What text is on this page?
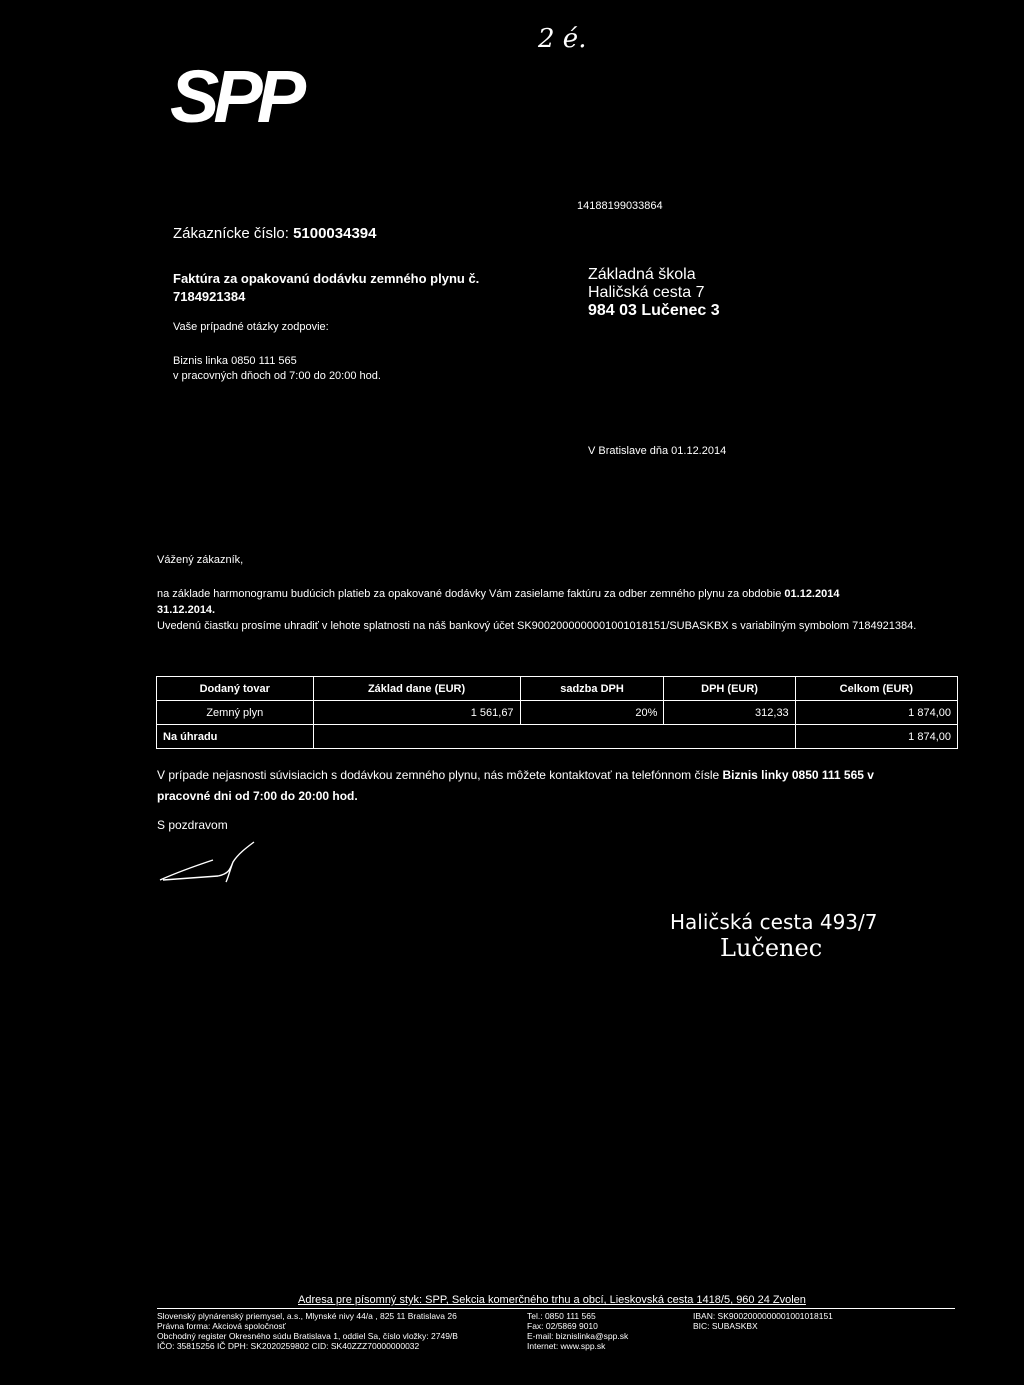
SPP
2 é.
14188199033864
Zákaznícke číslo: 5100034394
Faktúra za opakovanú dodávku zemného plynu č.
7184921384
Vaše prípadné otázky zodpovie:
Biznis linka 0850 111 565
v pracovných dňoch od 7:00 do 20:00 hod.
Základná škola
Haličská cesta 7
984 03 Lučenec 3
V Bratislave dňa 01.12.2014
Vážený zákazník,
na základe harmonogramu budúcich platieb za opakované dodávky Vám zasielame faktúru za odber zemného plynu za obdobie 01.12.2014
31.12.2014.
Uvedenú čiastku prosíme uhradiť v lehote splatnosti na náš bankový účet SK9002000000001001018151/SUBASKBX s variabilným symbolom 7184921384.
Dodaný tovar	Základ dane (EUR)	sadzba DPH	DPH (EUR)	Celkom (EUR)
Zemný plyn	1 561,67	20%	312,33	1 874,00
Na úhradu				1 874,00
V prípade nejasnosti súvisiacich s dodávkou zemného plynu, nás môžete kontaktovať na telefónnom čísle Biznis linky 0850 111 565 v pracovné dni od 7:00 do 20:00 hod.
S pozdravom
Haličská cesta 493/7
Lučenec
Adresa pre písomný styk: SPP, Sekcia komerčného trhu a obcí, Lieskovská cesta 1418/5, 960 24 Zvolen
Slovenský plynárenský priemysel, a.s., Mlynské nivy 44/a , 825 11 Bratislava 26
Právna forma: Akciová spoločnosť
Obchodný register Okresného súdu Bratislava 1, oddiel Sa, číslo vložky: 2749/B
IČO: 35815256 IČ DPH: SK2020259802 CID: SK40ZZZ70000000032
Tel.: 0850 111 565
Fax: 02/5869 9010
E-mail: biznislinka@spp.sk
Internet: www.spp.sk
IBAN: SK9002000000001001018151
BIC: SUBASKBX
